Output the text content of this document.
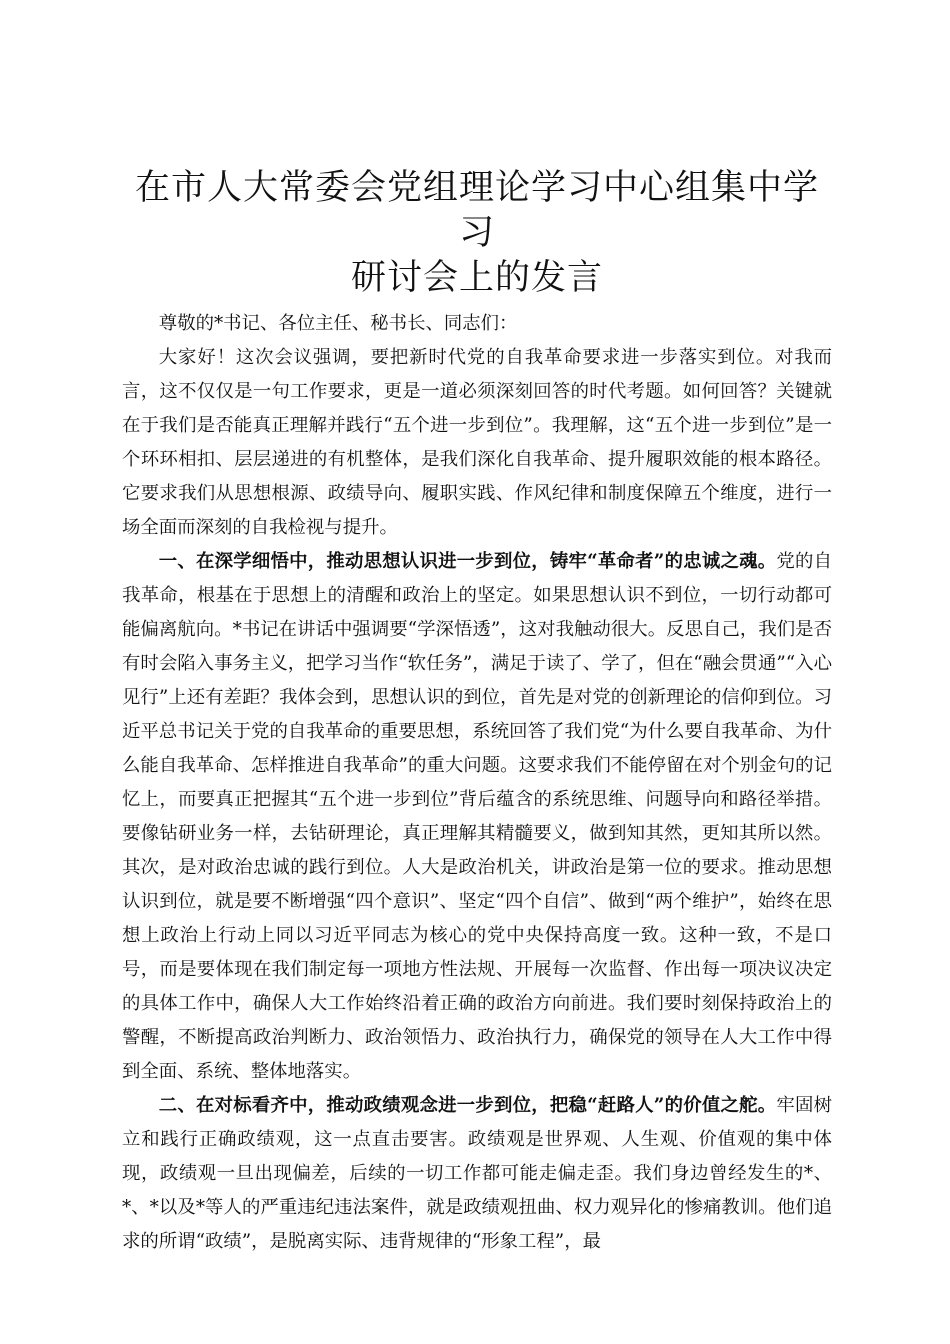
在市人大常委会党组理论学习中心组集中学习
研讨会上的发言

尊敬的*书记、各位主任、秘书长、同志们：

大家好！这次会议强调，要把新时代党的自我革命要求进一步落实到位。对我而言，这不仅仅是一句工作要求，更是一道必须深刻回答的时代考题。如何回答？关键就在于我们是否能真正理解并践行“五个进一步到位”。我理解，这“五个进一步到位”是一个环环相扣、层层递进的有机整体，是我们深化自我革命、提升履职效能的根本路径。它要求我们从思想根源、政绩导向、履职实践、作风纪律和制度保障五个维度，进行一场全面而深刻的自我检视与提升。

一、在深学细悟中，推动思想认识进一步到位，铸牢“革命者”的忠诚之魂。党的自我革命，根基在于思想上的清醒和政治上的坚定。如果思想认识不到位，一切行动都可能偏离航向。*书记在讲话中强调要“学深悟透”，这对我触动很大。反思自己，我们是否有时会陷入事务主义，把学习当作“软任务”，满足于读了、学了，但在“融会贯通”“入心见行”上还有差距？我体会到，思想认识的到位，首先是对党的创新理论的信仰到位。习近平总书记关于党的自我革命的重要思想，系统回答了我们党“为什么要自我革命、为什么能自我革命、怎样推进自我革命”的重大问题。这要求我们不能停留在对个别金句的记忆上，而要真正把握其“五个进一步到位”背后蕴含的系统思维、问题导向和路径举措。要像钻研业务一样，去钻研理论，真正理解其精髓要义，做到知其然，更知其所以然。其次，是对政治忠诚的践行到位。人大是政治机关，讲政治是第一位的要求。推动思想认识到位，就是要不断增强“四个意识”、坚定“四个自信”、做到“两个维护”，始终在思想上政治上行动上同以习近平同志为核心的党中央保持高度一致。这种一致，不是口号，而是要体现在我们制定每一项地方性法规、开展每一次监督、作出每一项决议决定的具体工作中，确保人大工作始终沿着正确的政治方向前进。我们要时刻保持政治上的警醒，不断提高政治判断力、政治领悟力、政治执行力，确保党的领导在人大工作中得到全面、系统、整体地落实。

二、在对标看齐中，推动政绩观念进一步到位，把稳“赶路人”的价值之舵。牢固树立和践行正确政绩观，这一点直击要害。政绩观是世界观、人生观、价值观的集中体现，政绩观一旦出现偏差，后续的一切工作都可能走偏走歪。我们身边曾经发生的*、*、*以及*等人的严重违纪违法案件，就是政绩观扭曲、权力观异化的惨痛教训。他们追求的所谓“政绩”，是脱离实际、违背规律的“形象工程”，最
